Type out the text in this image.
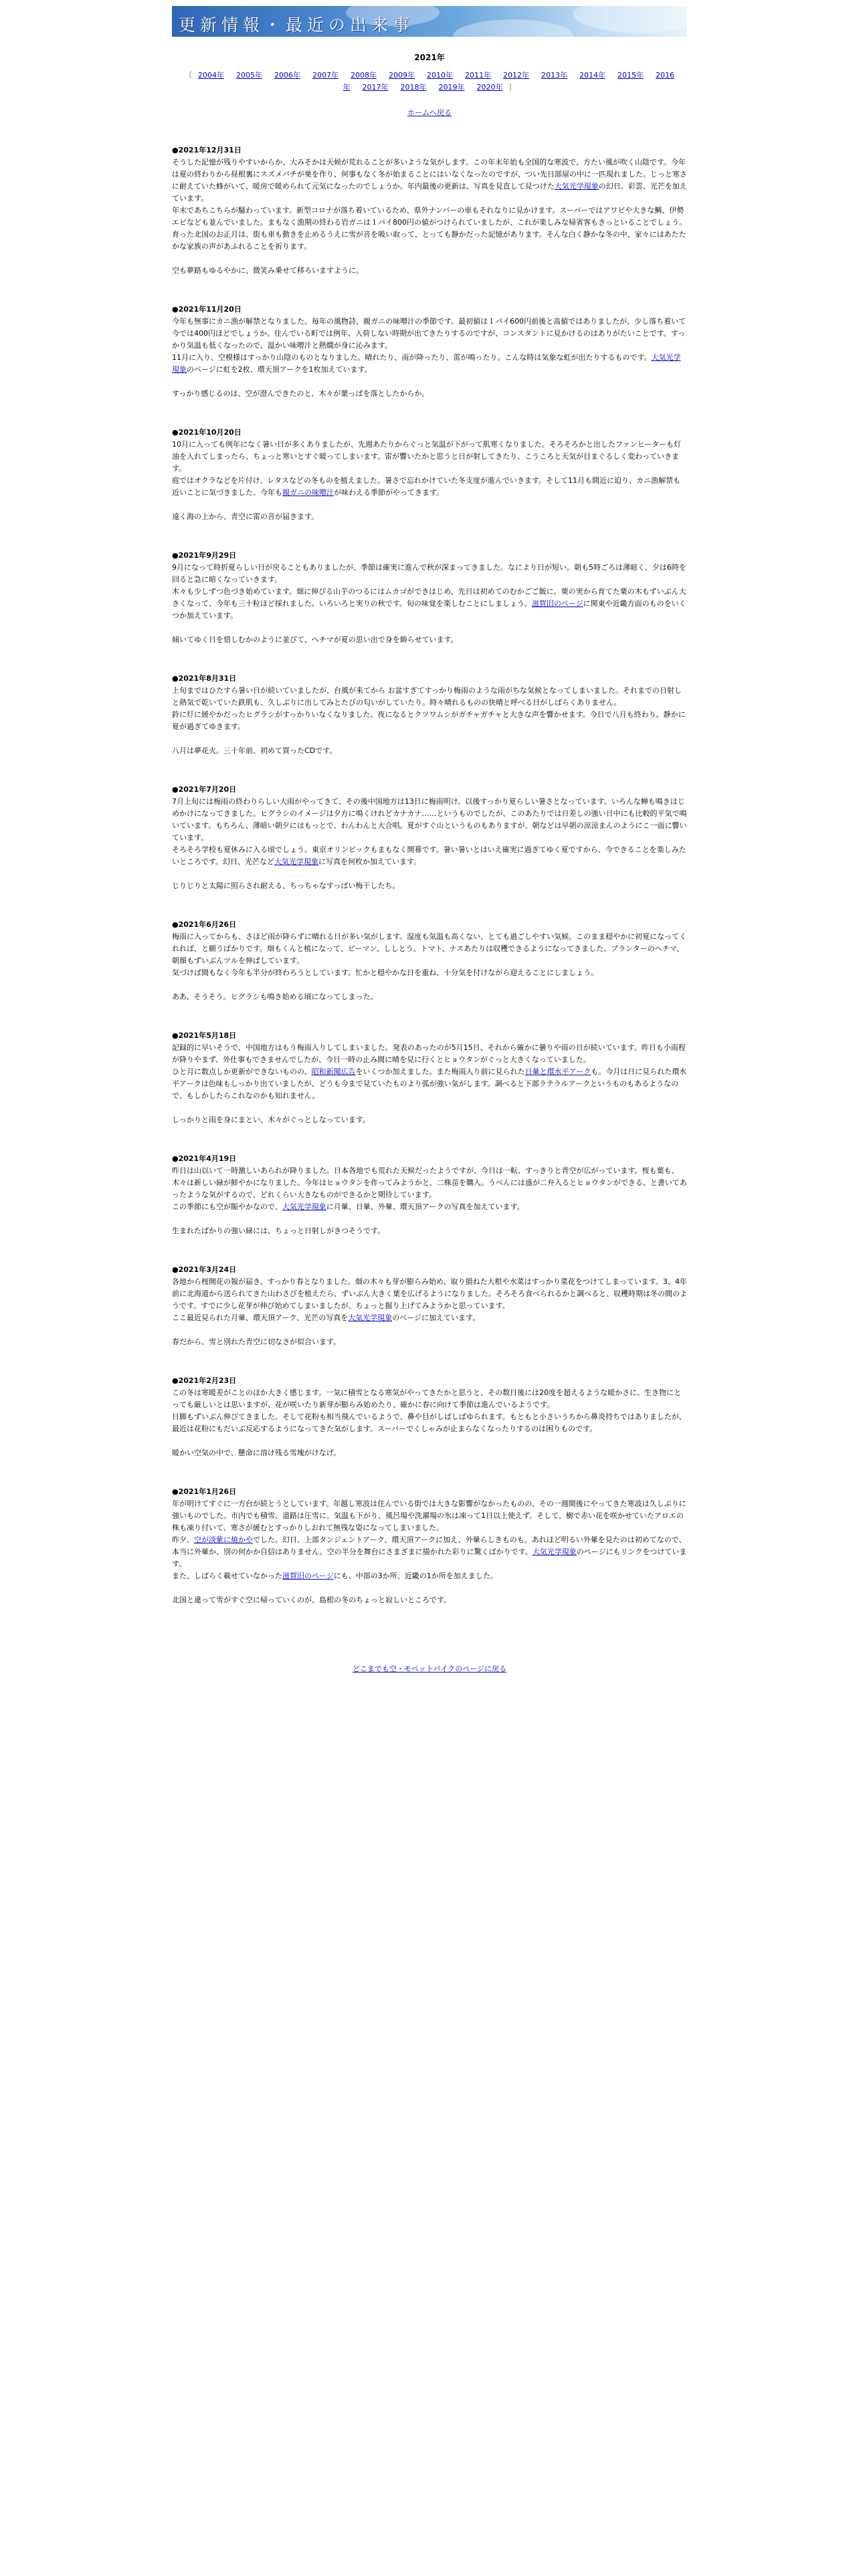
更新情報・最近の出来事
2021年
〔 2004年 2005年 2006年 2007年 2008年 2009年 2010年 2011年 2012年 2013年 2014年 2015年 2016年 2017年 2018年 2019年 2020年 〕
ホームへ戻る
●2021年12月31日

そうした記憶が残りやすいからか、大みそかは天候が荒れることが多いような気がします。この年末年始も全国的な寒波で、方たい風が吹く山陰です。今年は夏の終わりから昼根裏にスズメバチが巣を作り、何事もなく冬が始まることにはいなくなったのですが、つい先日部屋の中に一匹現れました。じっと寒さに耐えていた蜂がいて、暖房で暖められて元気になったのでしょうか。年内最後の更新は、写真を見直して見つけた大気光学現象の幻日、彩雲、光芒を加えています。

年末であちこちらが騒わっています。新型コロナが落ち着いているため、県外ナンバーの車もそれなりに見かけます。スーパーではアワビや大きな鯛、伊勢エビなども並んでいました。まもなく漁期の終わる岩ガニは１パイ800円の値がつけられていましたが、これが楽しみな帰省客もきっといることでしょう。

育った北国のお正月は、街も車も動きを止めるうえに雪が音を吸い取って、とっても静かだった記憶があります。そんな白く静かな冬の中、家々にはあたたかな家族の声があふれることを祈ります。

空も夢路もゆるやかに、微笑み乗せて移ろいますように。

●2021年11月20日

今年も無事にカニ漁が解禁となりました。毎年の風物詩、親ガニの味噌汁の季節です。最初値は１パイ600円前後と高値ではありましたが、少し落ち着いて今では400円ほどでしょうか。住んでいる町では例年、入荷しない時期が出てきたりするのですが、コンスタントに見かけるのはありがたいことです。すっかり気温も低くなったので、温かい味噌汁と熱燗が身に沁みます。

11月に入り、空模様はすっかり山陰のものとなりました。晴れたり、雨が降ったり、雷が鳴ったり。こんな時は気象な虹が出たりするものです。大気光学現象のページに虹を2枚、環天頂アークを1枚加えています。

すっかり感じるのは、空が澄んできたのと、木々が葉っぱを落としたからか。

●2021年10月20日

10月に入っても例年になく暑い日が多くありましたが、先週あたりからぐっと気温が下がって肌寒くなりました。そろそろかと出したファンヒーターも灯油を入れてしまったら、ちょっと寒いとすぐ暖ってしまいます。雷が響いたかと思うと日が射してきたり、こうころと天気が目まぐるしく変わっていきます。

庭ではオクラなどを片付け、レタスなどの冬ものを植えました。暑さで忘れかけていた冬支度が進んでいきます。そして11月も間近に迫り、カニ漁解禁も近いことに気づきました。今年も親ガニの味噌汁が味わえる季節がやってきます。

遠く海の上から、青空に雷の音が届きます。

●2021年9月29日

9月になって時折夏らしい日が戻ることもありましたが、季節は確実に進んで秋が深まってきました。なにより日が短い。朝も5時ごろは薄暗く、夕は6時を回ると急に暗くなっていきます。

木々も少しずつ色づき始めています。畑に伸びる山芋のつるにはムカゴができはじめ、先日は初めてのむかごご飯に。栗の実から育てた栗の木もずいぶん大きくなって、今年も三十粒ほど採れました。いろいろと実りの秋です。旬の味覚を楽しむことにしましょう。滋賀旧のページに関東や近畿方面のものをいくつか加えています。

傾いてゆく日を惜しむかのように並びて、ヘチマが夏の思い出で身を飾らせています。

●2021年8月31日

上旬まではひたすら暑い日が続いていましたが、台風が来てから お盆すぎてすっかり梅雨のような雨がちな気候となってしまいました。それまでの日射しと熱気で乾いていた鉄肌も、久しぶりに出してみとたびの匂いがしていたり。時々晴れるものの快晴と呼べる日がしばらくありません。

鈴に灯に緩やかだったヒグラシがすっかりいなくなりました。夜になるとクツワムシがガチャガチャと大きな声を響かせます。今日で八月も終わり。静かに夏が過ぎてゆきます。

八月は夢花火。三十年前、初めて買ったCDです。

●2021年7月20日

7月上旬には梅雨の終わりらしい大雨がやってきて、その後中国地方は13日に梅雨明け。以後すっかり夏らしい暑さとなっています。いろんな蝉も鳴きはじめかけになってきました。ヒグラシのイメージは夕方に鳴くけれどカナカナ……というものでしたが、このあたりでは日差しの強い日中にも比較的平気で鳴いています。もちろん、薄暗い朝夕にはもっとで、わんわんと大合唱。夏がすぐ山というものもありますが、朝などは早朝の涼涼まんのようにこ一面に響いています。

そろそろ学校も夏休みに入る頃でしょう。東京オリンピックもまもなく開幕です。暑い暑いとはいえ確実に過ぎてゆく夏ですから、今できることを楽しみたいところです。幻日、光芒など大気光学現象に写真を何枚か加えています。

じりじりと太陽に照らされ耐える、ちっちゃなすっぱい梅干したち。

●2021年6月26日

梅雨に入ってからも、さほど雨が降らずに晴れる日が多い気がします。湿度も気温も高くない、とても過ごしやすい気候。このまま穏やかに初夏になってくれれば、と願うばかりです。畑もくんと植になって、ピーマン、ししとう、トマト、ナスあたりは収穫できるようになってきました。プランターのヘチマ、朝顔もずいぶんツルを伸ばしています。

気づけば間もなく今年も半分が終わろうとしています。忙かと穏やかな日を重ね、十分気を付けながら迎えることにしましょう。

ああ、そうそう。ヒグラシも鳴き始める頃になってしまった。

●2021年5月18日

記録的に早いそうで、中国地方はもう梅雨入りしてしまいました。発表のあったのが5月15日、それから確かに曇りや雨の日が続いています。昨日も小雨程が降りやまず、外仕事もできませんでしたが、今日一時の止み間に晴を見に行くとヒョウタンがぐっと大きくなっていました。

ひと月に数点しか更新ができないものの、昭和新聞広告をいくつか加えました。また梅雨入り前に見られた日暈と環水平アークも。今月は日に見られた環水平アークは色味もしっかり出ていましたが、どうも今まで見ていたものより弧が強い気がします。調べると下部ラテラルアークというものもあるようなので、もしかしたらこれなのかも知れません。

しっかりと雨を身にまとい、木々がぐっとしなっています。

●2021年4月19日

昨日は山以いて一時激しいあられが降りました。日本各地でも荒れた天候だったようですが、今日は一転、すっきりと青空が広がっています。桜も葉も、木々は新しい緑が鮮やかになりました。今年はヒョウタンを作ってみようかと、二株苗を購入。うべんには盛が二弁入るとヒョウタンができる、と書いてあったような気がするので、どれくらい大きなものができるかと期待しています。

この季節にも空が賑やかなので、大気光学現象に月暈、日暈、外暈、環天頂アークの写真を加えています。

生まれたばかりの強い緑には、ちょっと日射しがきつそうです。

●2021年3月24日

各地から桜開花の報が届き、すっかり春となりました。畑の木々も芽が膨らみ始め、取り損ねた大根や水菜はすっかり菜花をつけてしまっています。3、4年前に北海道から送られてきた山わさびを植えたら、ずいぶん大きく葉を広げるようになりました。そろそろ食べられるかと調べると、収穫時期は冬の間のようです。すでに少し花芽が伸び始めてしまいましたが、ちょっと掘り上げてみようかと思っています。

ここ最近見られた月暈、環天頂アーク、光芒の写真を大気光学現象のページに加えています。

春だから、雪と別れた青空に切なさが似合います。

●2021年2月23日

この冬は寒暖差がことのほか大きく感じます。一気に積雪となる寒気がやってきたかと思うと、その数日後には20度を超えるような暖かさに。生き物にとっても厳しいとは思いますが、花が咲いたり新芽が膨らみ始めたり、確かに春に向けて季節は進んでいるようです。

日脚もずいぶん伸びてきました。そして花粉も相当飛んでいるようで、鼻や目がしばしばゆられます。もともと小さいうちから鼻炎持ちではありましたが、最近は花粉にもだいぶ反応するようになってきた気がします。スーパーでくしゃみが止まらなくなったりするのは困りものです。

暖かい空気の中で、懸命に溶け残る雪塊がけなげ。

●2021年1月26日

年が明けてすぐに一方台が続とうとしています。年越し寒波は住んでいる街では大きな影響がなかったものの、その一週間後にやってきた寒波は久しぶりに強いものでした。市内でも積雪、道路は圧雪に。気温も下がり、風呂場や洗濯場の氷は凍って1日以上使えず。そして、樹で赤い花を咲かせていたアロエの株も凍り付いて、寒さが緩むとすっかりしおれて無残な姿になってしまいました。

昨夕、空が淡紫に焼かやでした。幻日、上部タンジェントアーク、環天頂アークに加え、外暈らしきものも。あれほど明るい外暈を見たのは初めてなので、本当に外暈か、別の何かか自信はありません。空の半分を舞台にさまざまに描かれた彩りに驚くばかりです。大気光学現象のページにもリンクをつけています。

また、しばらく載せていなかった滋賀旧のページにも、中部の3か所、近畿の1か所を加えました。

北国と違って雪がすぐ空に帰っていくのが、島根の冬のちょっと寂しいところです。

どこまでも空・モペットバイクのページに戻る
